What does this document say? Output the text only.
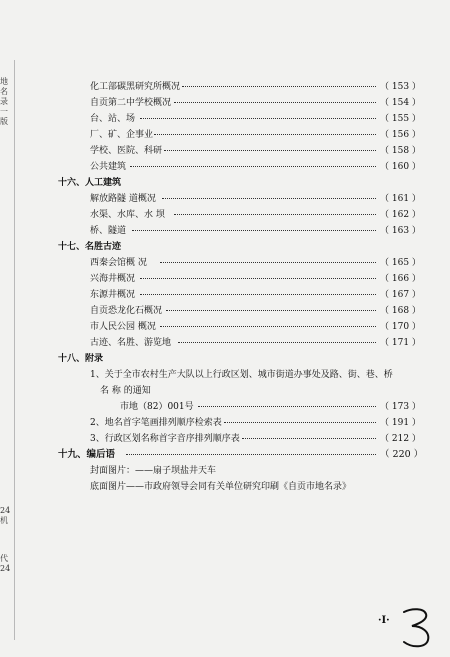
地
名
录
一
版
24
机
代
24
化工部碳黑研究所概况	（ 153 ）
自贡第二中学校概况	（ 154 ）
台、站、场	（ 155 ）
厂、矿、企事业	（ 156 ）
学校、医院、科研	（ 158 ）
公共建筑	（ 160 ）
十六、人工建筑
解放路隧 道概况	（ 161 ）
水渠、水库、水 坝	（ 162 ）
桥、隧道	（ 163 ）
十七、名胜古迹
西秦会馆概 况	（ 165 ）
兴海井概况	（ 166 ）
东源井概况	（ 167 ）
自贡恐龙化石概况	（ 168 ）
市人民公园 概况	（ 170 ）
古迹、名胜、游览地	（ 171 ）
十八、附录
1、关于全市农村生产大队以上行政区划、城市街道办事处及路、街、巷、桥
名 称 的通知
市地（82）001号	（ 173 ）
2、地名首字笔画排列顺序检索表	（ 191 ）
3、行政区划名称首字音序排列顺序表	（ 212 ）
十九、编后语	（ 220 ）
封面图片：——扇子坝盐井天车
底面图片——市政府领导会同有关单位研究印刷《自贡市地名录》
·I·
